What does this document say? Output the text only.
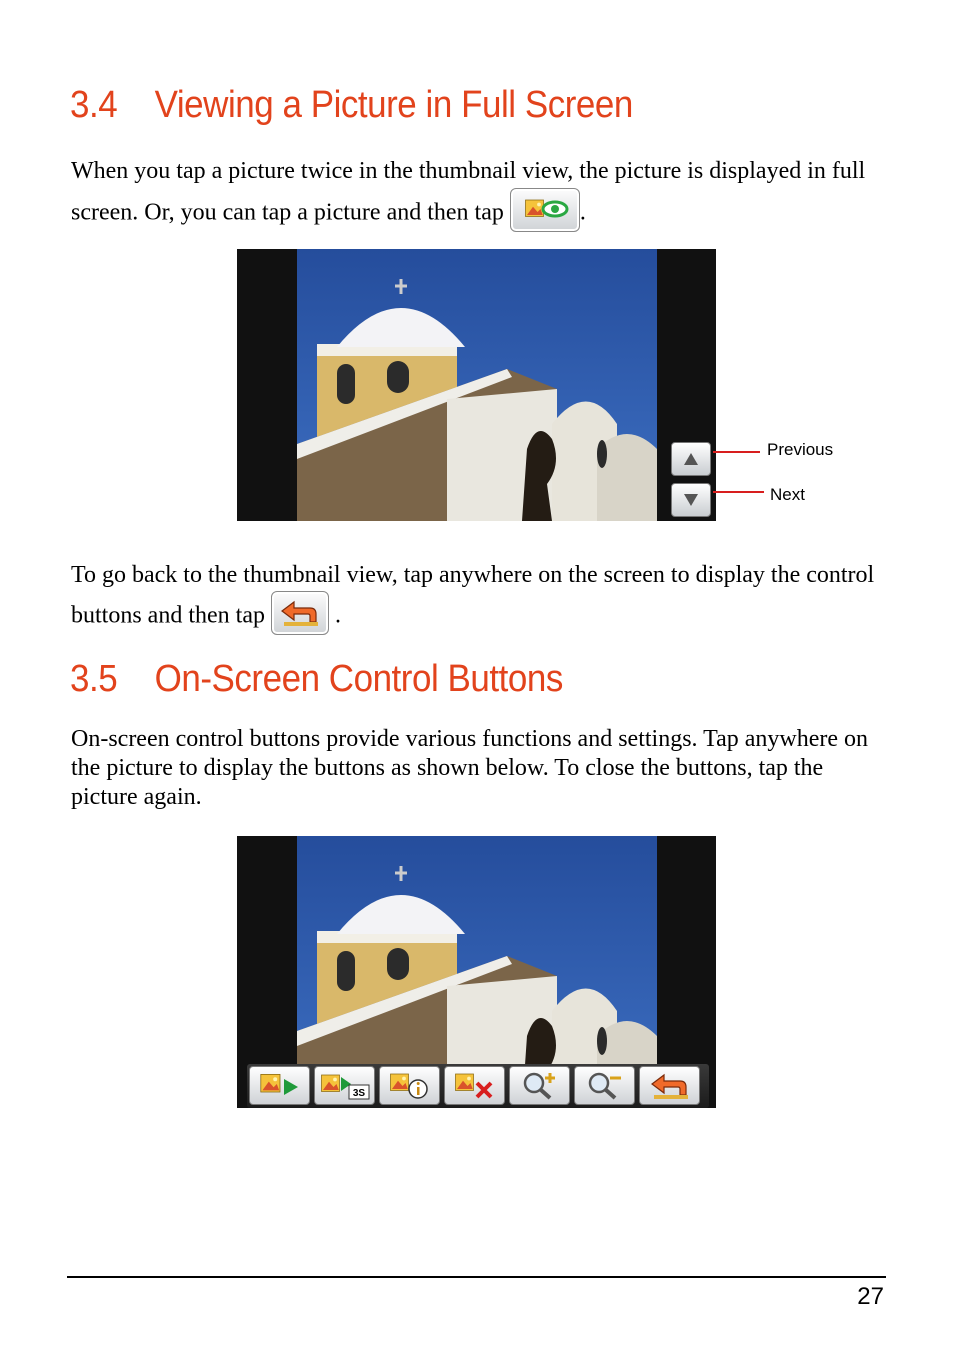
3.4 Viewing a Picture in Full Screen

When you tap a picture twice in the thumbnail view, the picture is displayed in full screen. Or, you can tap a picture and then tap	.

Previous
Next

To go back to the thumbnail view, tap anywhere on the screen to display the control buttons and then tap	.

3.5 On-Screen Control Buttons

On-screen control buttons provide various functions and settings. Tap anywhere on the picture to display the buttons as shown below. To close the buttons, tap the picture again.

3S
27
